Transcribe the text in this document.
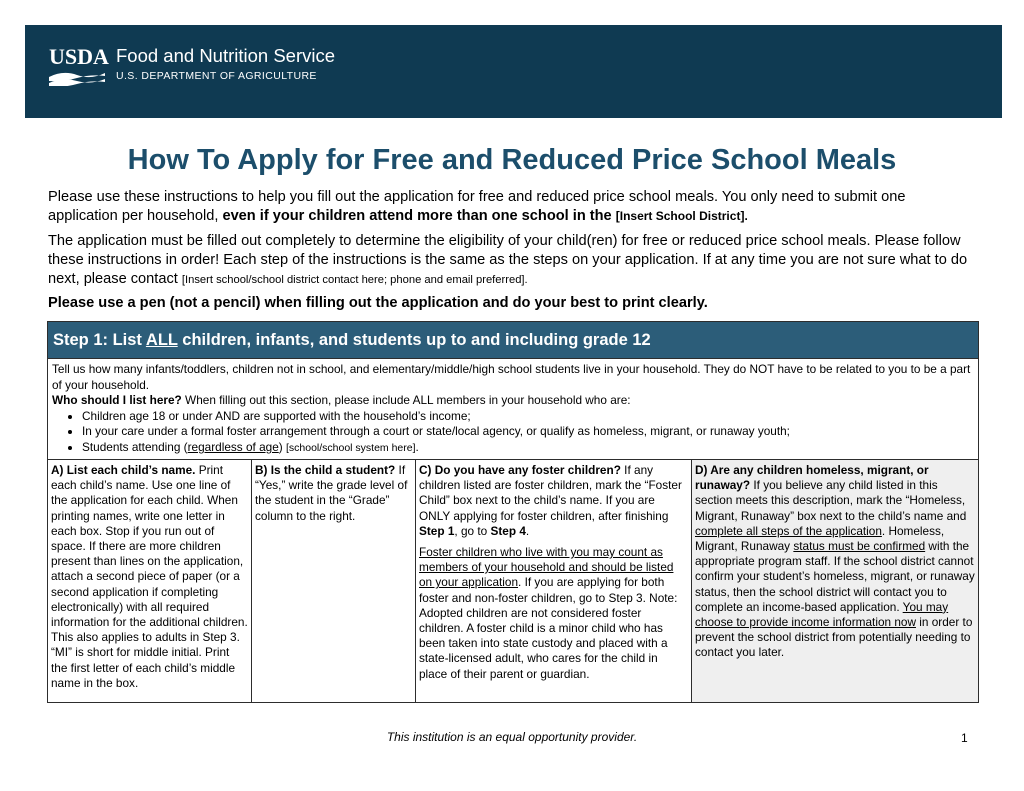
USDA Food and Nutrition Service
U.S. DEPARTMENT OF AGRICULTURE
How To Apply for Free and Reduced Price School Meals
Please use these instructions to help you fill out the application for free and reduced price school meals. You only need to submit one application per household, even if your children attend more than one school in the [Insert School District].
The application must be filled out completely to determine the eligibility of your child(ren) for free or reduced price school meals. Please follow these instructions in order! Each step of the instructions is the same as the steps on your application. If at any time you are not sure what to do next, please contact [Insert school/school district contact here; phone and email preferred].
Please use a pen (not a pencil) when filling out the application and do your best to print clearly.
Step 1: List ALL children, infants, and students up to and including grade 12

Tell us how many infants/toddlers, children not in school, and elementary/middle/high school students live in your household. They do NOT have to be related to you to be a part of your household.

Who should I list here? When filling out this section, please include ALL members in your household who are:

• Children age 18 or under AND are supported with the household’s income;
• In your care under a formal foster arrangement through a court or state/local agency, or qualify as homeless, migrant, or runaway youth;
• Students attending (regardless of age) [school/school system here].
A) List each child’s name. Print each child’s name. Use one line of the application for each child. When printing names, write one letter in each box. Stop if you run out of space. If there are more children present than lines on the application, attach a second piece of paper (or a second application if completing electronically) with all required information for the additional children. This also applies to adults in Step 3. “MI” is short for middle initial. Print the first letter of each child’s middle name in the box.
B) Is the child a student? If “Yes,” write the grade level of the student in the “Grade” column to the right.

C) Do you have any foster children? If any children listed are foster children, mark the “Foster Child” box next to the child’s name. If you are ONLY applying for foster children, after finishing Step 1, go to Step 4.

Foster children who live with you may count as members of your household and should be listed on your application. If you are applying for both foster and non-foster children, go to Step 3. Note: Adopted children are not considered foster children. A foster child is a minor child who has been taken into state custody and placed with a state-licensed adult, who cares for the child in place of their parent or guardian.

D) Are any children homeless, migrant, or runaway? If you believe any child listed in this section meets this description, mark the “Homeless, Migrant, Runaway” box next to the child’s name and complete all steps of the application. Homeless, Migrant, Runaway status must be confirmed with the appropriate program staff. If the school district cannot confirm your student’s homeless, migrant, or runaway status, then the school district will contact you to complete an income-based application. You may choose to provide income information now in order to prevent the school district from potentially needing to contact you later.
This institution is an equal opportunity provider.	1
